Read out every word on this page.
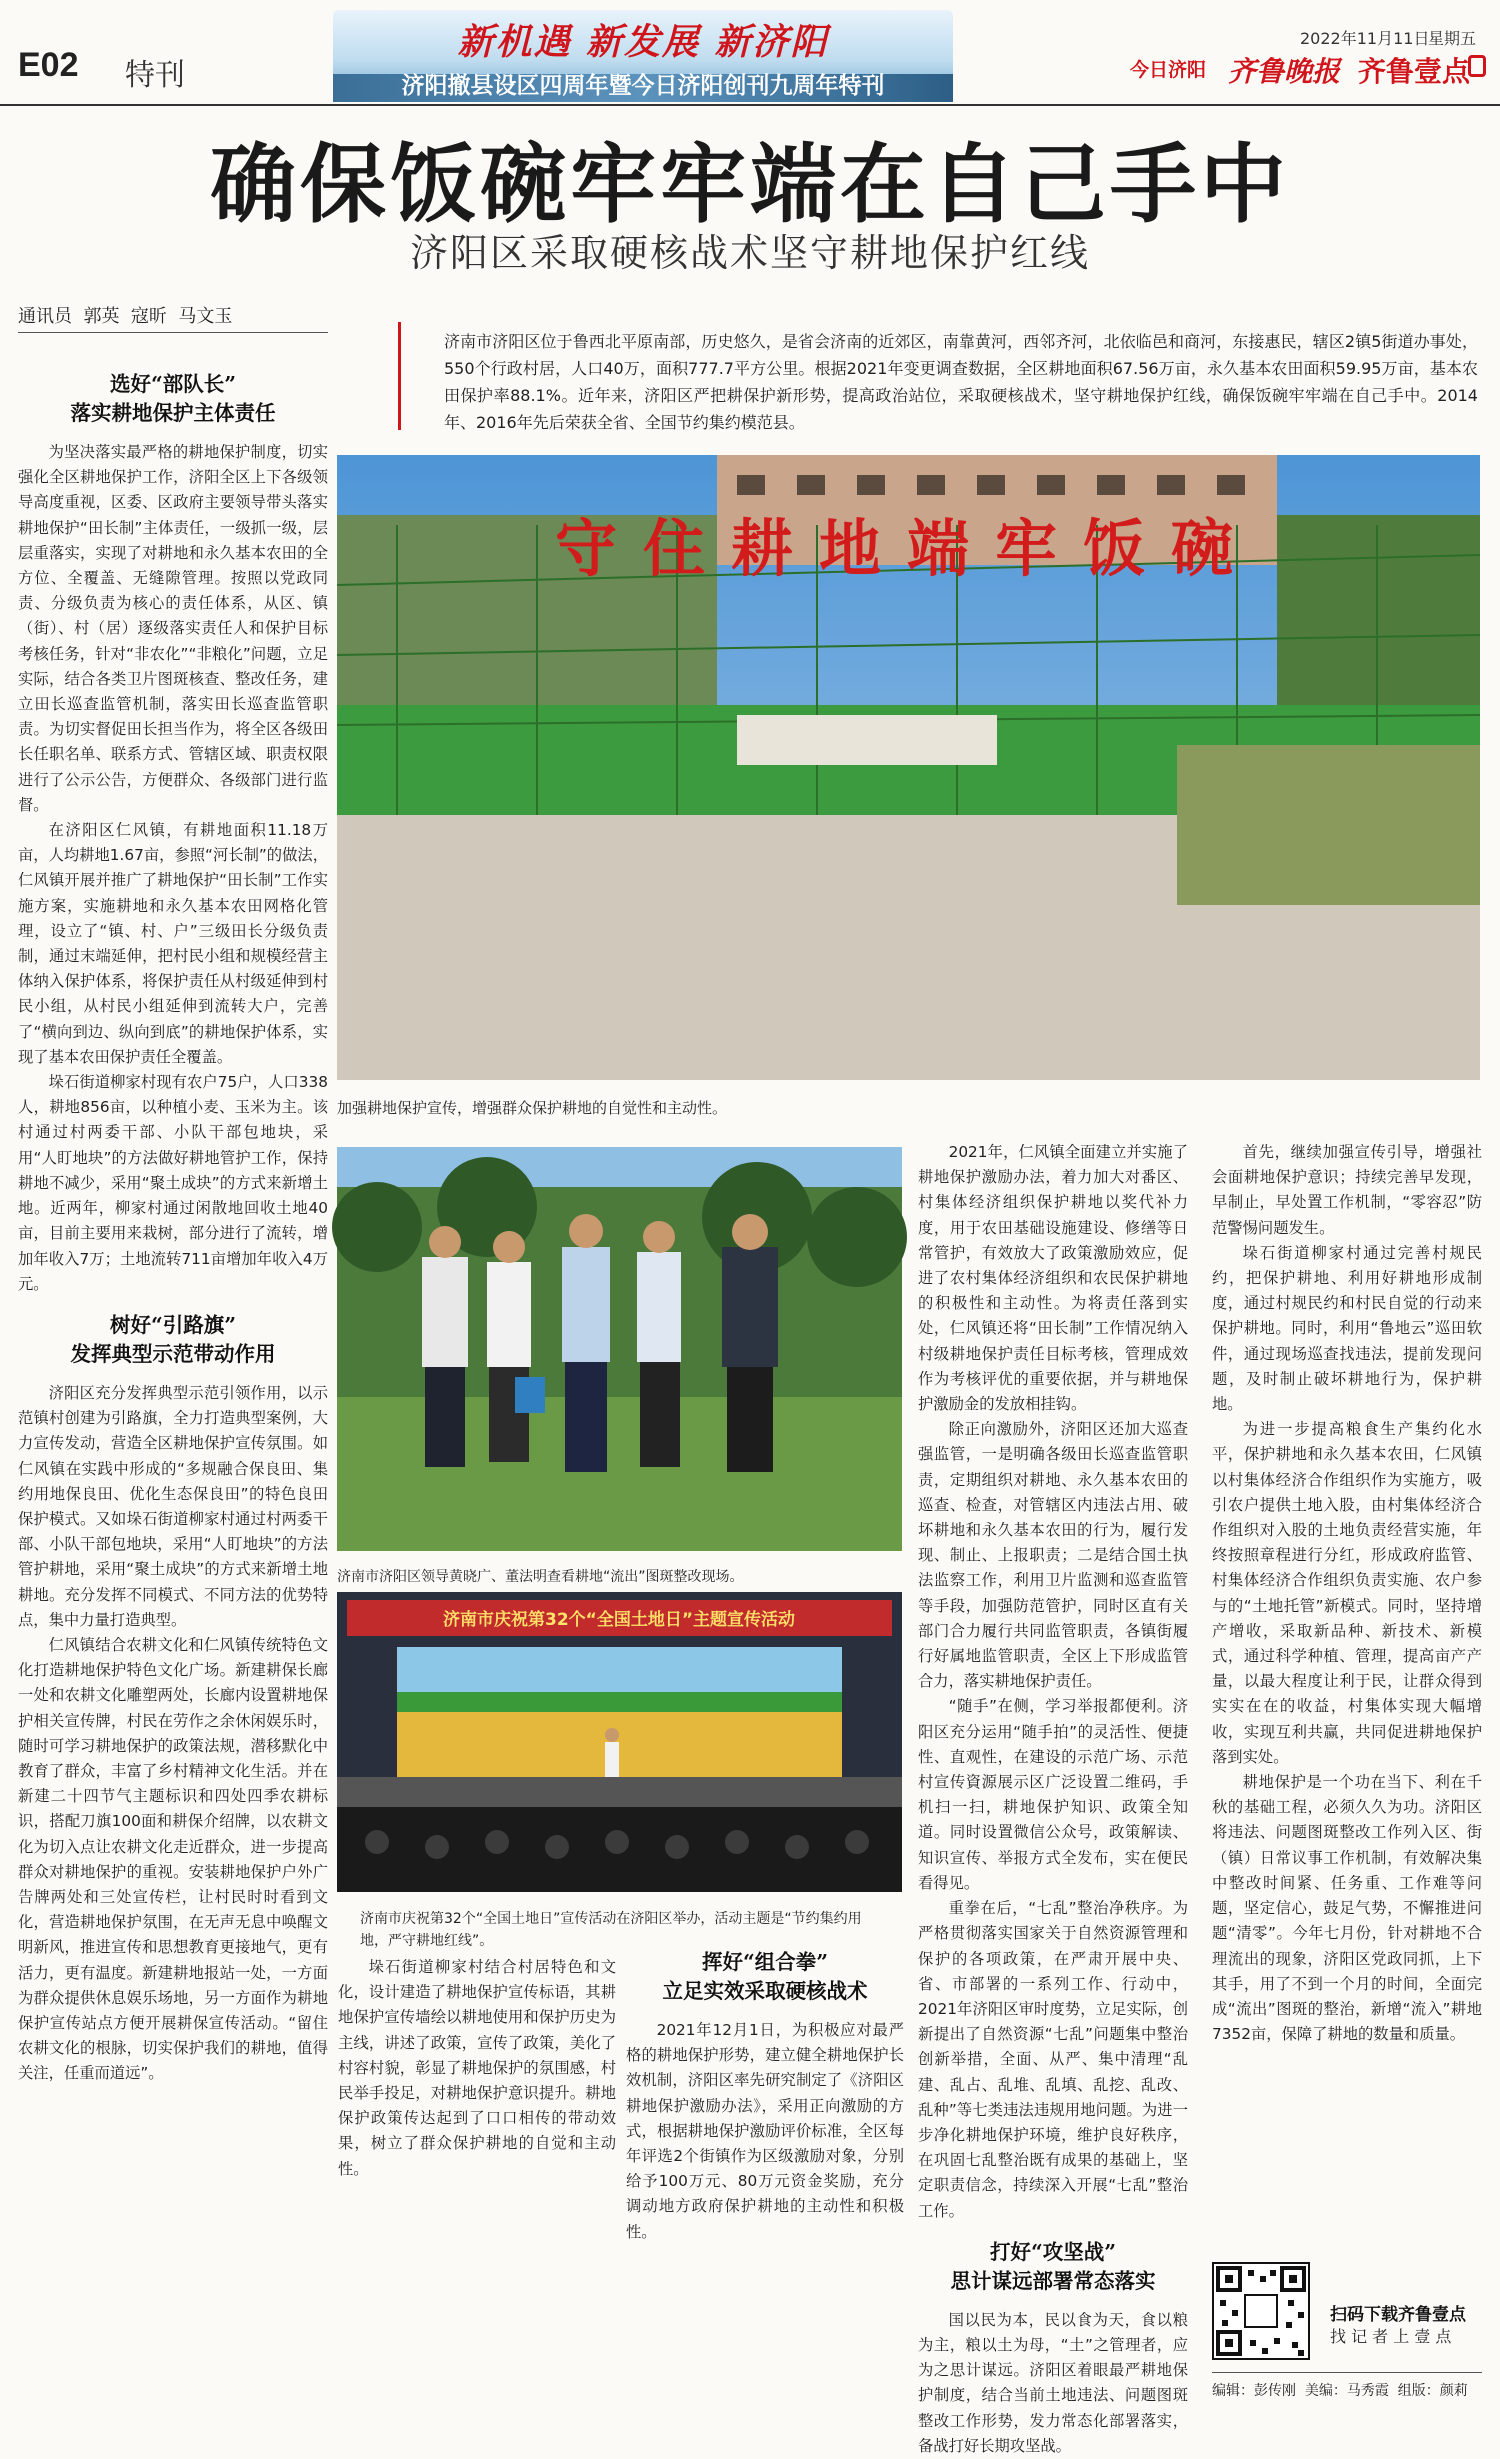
E02 特刊
新机遇 新发展 新济阳
济阳撤县设区四周年暨今日济阳创刊九周年特刊
2022年11月11日
星期五
今日济阳 齐鲁晚报 齐鲁壹点
确保饭碗牢牢端在自己手中
济阳区采取硬核战术坚守耕地保护红线
通讯员  郭英  寇昕  马文玉
济南市济阳区位于鲁西北平原南部，历史悠久，是省会济南的近郊区，南靠黄河，西邻齐河，北依临邑和商河，东接惠民，辖区2镇5街道办事处，550个行政村居，人口40万，面积777.7平方公里。根据2021年变更调查数据，全区耕地面积67.56万亩，永久基本农田面积59.95万亩，基本农田保护率88.1%。近年来，济阳区严把耕保护新形势，提高政治站位，采取硬核战术，坚守耕地保护红线，确保饭碗牢牢端在自己手中。2014年、2016年先后荣获全省、全国节约集约模范县。
选好“部队长”
落实耕地保护主体责任

为坚决落实最严格的耕地保护制度，切实强化全区耕地保护工作，济阳全区上下各级领导高度重视，区委、区政府主要领导带头落实耕地保护“田长制”主体责任，一级抓一级，层层重落实，实现了对耕地和永久基本农田的全方位、全覆盖、无缝隙管理。按照以党政同责、分级负责为核心的责任体系，从区、镇（街）、村（居）逐级落实责任人和保护目标考核任务，针对“非农化”“非粮化”问题，立足实际，结合各类卫片图斑核查、整改任务，建立田长巡查监管机制，落实田长巡查监管职责。为切实督促田长担当作为，将全区各级田长任职名单、联系方式、管辖区域、职责权限进行了公示公告，方便群众、各级部门进行监督。

在济阳区仁风镇，有耕地面积11.18万亩，人均耕地1.67亩，参照“河长制”的做法，仁风镇开展并推广了耕地保护“田长制”工作实施方案，实施耕地和永久基本农田网格化管理，设立了“镇、村、户”三级田长分级负责制，通过末端延伸，把村民小组和规模经营主体纳入保护体系，将保护责任从村级延伸到村民小组，从村民小组延伸到流转大户，完善了“横向到边、纵向到底”的耕地保护体系，实现了基本农田保护责任全覆盖。

垛石街道柳家村现有农户75户，人口338人，耕地856亩，以种植小麦、玉米为主。该村通过村两委干部、小队干部包地块，采用“人盯地块”的方法做好耕地管护工作，保持耕地不减少，采用“聚土成块”的方式来新增土地。近两年，柳家村通过闲散地回收土地40亩，目前主要用来栽树，部分进行了流转，增加年收入7万；土地流转711亩增加年收入4万元。

树好“引路旗”
发挥典型示范带动作用

济阳区充分发挥典型示范引领作用，以示范镇村创建为引路旗，全力打造典型案例，大力宣传发动，营造全区耕地保护宣传氛围。如仁风镇在实践中形成的“多规融合保良田、集约用地保良田、优化生态保良田”的特色良田保护模式。又如垛石街道柳家村通过村两委干部、小队干部包地块，采用“人盯地块”的方法管护耕地，采用“聚土成块”的方式来新增土地耕地。充分发挥不同模式、不同方法的优势特点，集中力量打造典型。

仁风镇结合农耕文化和仁风镇传统特色文化打造耕地保护特色文化广场。新建耕保长廊一处和农耕文化雕塑两处，长廊内设置耕地保护相关宣传牌，村民在劳作之余休闲娱乐时，随时可学习耕地保护的政策法规，潜移默化中教育了群众，丰富了乡村精神文化生活。并在新建二十四节气主题标识和四处四季农耕标识，搭配刀旗100面和耕保介绍牌，以农耕文化为切入点让农耕文化走近群众，进一步提高群众对耕地保护的重视。安装耕地保护户外广告牌两处和三处宣传栏，让村民时时看到文化，营造耕地保护氛围，在无声无息中唤醒文明新风，推进宣传和思想教育更接地气，更有活力，更有温度。新建耕地报站一处，一方面为群众提供休息娱乐场地，另一方面作为耕地保护宣传站点方便开展耕保宣传活动。“留住农耕文化的根脉，切实保护我们的耕地，值得关注，任重而道远”。

守住耕地端牢饭碗
加强耕地保护宣传，增强群众保护耕地的自觉性和主动性。
济南市济阳区领导黄晓广、董法明查看耕地“流出”图斑整改现场。
济南市庆祝第32个“全国土地日”主题宣传活动
济南市庆祝第32个“全国土地日”宣传活动在济阳区举办，活动主题是“节约集约用地，严守耕地红线”。

垛石街道柳家村结合村居特色和文化，设计建造了耕地保护宣传标语，其耕地保护宣传墙绘以耕地使用和保护历史为主线，讲述了政策，宣传了政策，美化了村容村貌，彰显了耕地保护的氛围感，村民举手投足，对耕地保护意识提升。耕地保护政策传达起到了口口相传的带动效果，树立了群众保护耕地的自觉和主动性。

挥好“组合拳”
立足实效采取硬核战术

2021年12月1日，为积极应对最严格的耕地保护形势，建立健全耕地保护长效机制，济阳区率先研究制定了《济阳区耕地保护激励办法》，采用正向激励的方式，根据耕地保护激励评价标准，全区每年评选2个街镇作为区级激励对象，分别给予100万元、80万元资金奖励，充分调动地方政府保护耕地的主动性和积极性。

2021年，仁风镇全面建立并实施了耕地保护激励办法，着力加大对番区、村集体经济组织保护耕地以奖代补力度，用于农田基础设施建设、修缮等日常管护，有效放大了政策激励效应，促进了农村集体经济组织和农民保护耕地的积极性和主动性。为将责任落到实处，仁风镇还将“田长制”工作情况纳入村级耕地保护责任目标考核，管理成效作为考核评优的重要依据，并与耕地保护激励金的发放相挂钩。

除正向激励外，济阳区还加大巡查强监管，一是明确各级田长巡查监管职责，定期组织对耕地、永久基本农田的巡查、检查，对管辖区内违法占用、破坏耕地和永久基本农田的行为，履行发现、制止、上报职责；二是结合国土执法监察工作，利用卫片监测和巡查监管等手段，加强防范管护，同时区直有关部门合力履行共同监管职责，各镇街履行好属地监管职责，全区上下形成监管合力，落实耕地保护责任。

“随手”在侧，学习举报都便利。济阳区充分运用“随手拍”的灵活性、便捷性、直观性，在建设的示范广场、示范村宣传資源展示区广泛设置二维码，手机扫一扫，耕地保护知识、政策全知道。同时设置微信公众号，政策解读、知识宣传、举报方式全发布，实在便民看得见。

重拳在后，“七乱”整治净秩序。为严格贯彻落实国家关于自然资源管理和保护的各项政策，在严肃开展中央、省、市部署的一系列工作、行动中，2021年济阳区审时度势，立足实际，创新提出了自然资源“七乱”问题集中整治创新举措，全面、从严、集中清理“乱建、乱占、乱堆、乱填、乱挖、乱改、乱种”等七类违法违规用地问题。为进一步净化耕地保护环境，维护良好秩序，在巩固七乱整治既有成果的基础上，坚定职责信念，持续深入开展“七乱”整治工作。

打好“攻坚战”
思计谋远部署常态落实

国以民为本，民以食为天，食以粮为主，粮以土为母，“土”之管理者，应为之思计谋远。济阳区着眼最严耕地保护制度，结合当前土地违法、问题图斑整改工作形势，发力常态化部署落实，备战打好长期攻坚战。

首先，继续加强宣传引导，增强社会面耕地保护意识；持续完善早发现，早制止，早处置工作机制，“零容忍”防范警惕问题发生。

垛石街道柳家村通过完善村规民约，把保护耕地、利用好耕地形成制度，通过村规民约和村民自觉的行动来保护耕地。同时，利用“鲁地云”巡田软件，通过现场巡查找违法，提前发现问题，及时制止破坏耕地行为，保护耕地。

为进一步提高粮食生产集约化水平，保护耕地和永久基本农田，仁风镇以村集体经济合作组织作为实施方，吸引农户提供土地入股，由村集体经济合作组织对入股的土地负责经营实施，年终按照章程进行分红，形成政府监管、村集体经济合作组织负责实施、农户参与的“土地托管”新模式。同时，坚持增产增收，采取新品种、新技术、新模式，通过科学种植、管理，提高亩产产量，以最大程度让利于民，让群众得到实实在在的收益，村集体实现大幅增收，实现互利共赢，共同促进耕地保护落到实处。

耕地保护是一个功在当下、利在千秋的基础工程，必须久久为功。济阳区将违法、问题图斑整改工作列入区、街（镇）日常议事工作机制，有效解决集中整改时间紧、任务重、工作难等问题，坚定信心，鼓足气势，不懈推进问题“清零”。今年七月份，针对耕地不合理流出的现象，济阳区党政同抓，上下其手，用了不到一个月的时间，全面完成“流出”图斑的整治，新增“流入”耕地7352亩，保障了耕地的数量和质量。

扫码下载齐鲁壹点
找 记 者 上 壹 点
编辑：彭传刚  美编：马秀霞  组版：颜莉
